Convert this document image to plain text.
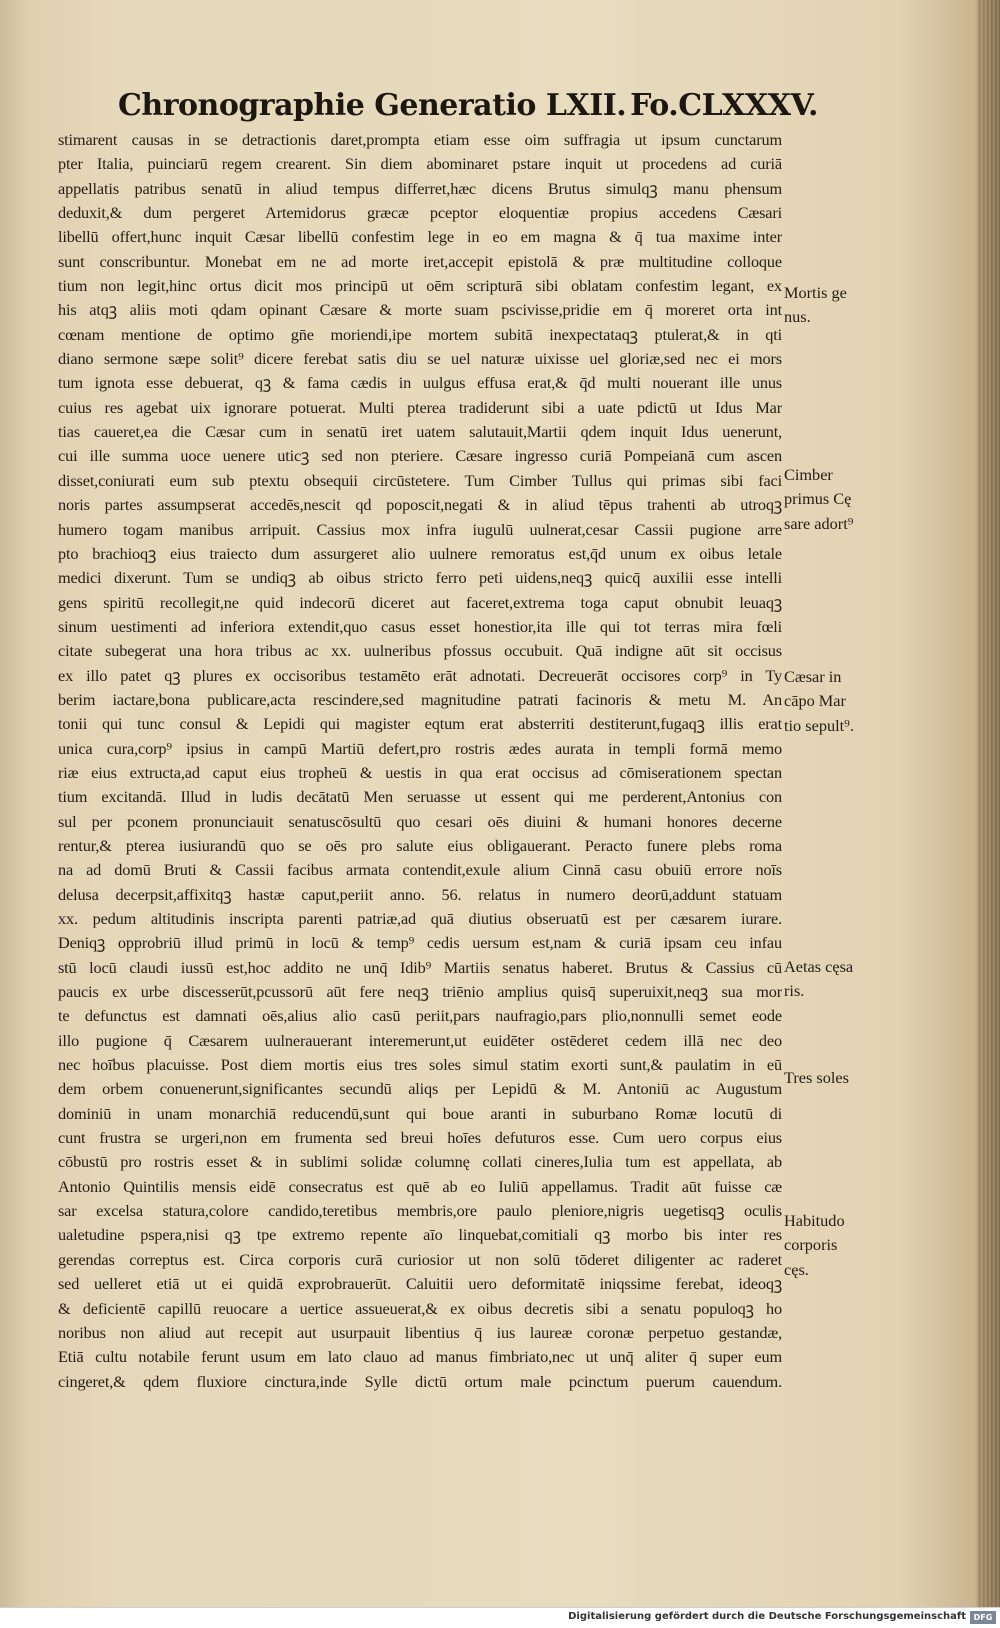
Chronographie Generatio LXII. Fo.CLXXXV.
stimarent causas in se detractionis daret,prompta etiam esse oim suffragia ut ipsum cunctarum
pter Italia, puinciarū regem crearent. Sin diem abominaret pstare inquit ut procedens ad curiā
appellatis patribus senatū in aliud tempus differret,hæc dicens Brutus simulqꝫ manu phensum
deduxit,& dum pergeret Artemidorus græcæ pceptor eloquentiæ propius accedens Cæsari
libellū offert,hunc inquit Cæsar libellū confestim lege in eo em magna & q̄ tua maxime inter
sunt conscribuntur. Monebat em ne ad morte iret,accepit epistolā & præ multitudine colloque
tium non legit,hinc ortus dicit mos principū ut oēm scripturā sibi oblatam confestim legant, ex
his atqꝫ aliis moti qdam opinant Cæsare & morte suam pscivisse,pridie em q̄ moreret orta int
cœnam mentione de optimo gn̄e moriendi,ipe mortem subitā inexpectataqꝫ ptulerat,& in qti
diano sermone sæpe solit⁹ dicere ferebat satis diu se uel naturæ uixisse uel gloriæ,sed nec ei mors
tum ignota esse debuerat, qꝫ & fama cædis in uulgus effusa erat,& q̄d multi nouerant ille unus
cuius res agebat uix ignorare potuerat. Multi pterea tradiderunt sibi a uate pdictū ut Idus Mar
tias caueret,ea die Cæsar cum in senatū iret uatem salutauit,Martii qdem inquit Idus uenerunt,
cui ille summa uoce uenere uticꝫ sed non pteriere. Cæsare ingresso curiā Pompeianā cum ascen
disset,coniurati eum sub ptextu obsequii circūstetere. Tum Cimber Tullus qui primas sibi faci
noris partes assumpserat accedēs,nescit qd poposcit,negati & in aliud tēpus trahenti ab utroqꝫ
humero togam manibus arripuit. Cassius mox infra iugulū uulnerat,cesar Cassii pugione arre
pto brachioqꝫ eius traiecto dum assurgeret alio uulnere remoratus est,q̄d unum ex oibus letale
medici dixerunt. Tum se undiqꝫ ab oibus stricto ferro peti uidens,neqꝫ quicq̄ auxilii esse intelli
gens spiritū recollegit,ne quid indecorū diceret aut faceret,extrema toga caput obnubit leuaqꝫ
sinum uestimenti ad inferiora extendit,quo casus esset honestior,ita ille qui tot terras mira fœli
citate subegerat una hora tribus ac xx. uulneribus pfossus occubuit. Quā indigne aūt sit occisus
ex illo patet qꝫ plures ex occisoribus testamēto erāt adnotati. Decreuerāt occisores corp⁹ in Ty
berim iactare,bona publicare,acta rescindere,sed magnitudine patrati facinoris & metu M. An
tonii qui tunc consul & Lepidi qui magister eqtum erat absterriti destiterunt,fugaqꝫ illis erat
unica cura,corp⁹ ipsius in campū Martiū defert,pro rostris ædes aurata in templi formā memo
riæ eius extructa,ad caput eius tropheū & uestis in qua erat occisus ad cōmiserationem spectan
tium excitandā. Illud in ludis decātatū Men seruasse ut essent qui me perderent,Antonius con
sul per pconem pronunciauit senatuscōsultū quo cesari oēs diuini & humani honores decerne
rentur,& pterea iusiurandū quo se oēs pro salute eius obligauerant. Peracto funere plebs roma
na ad domū Bruti & Cassii facibus armata contendit,exule alium Cinnā casu obuiū errore noīs
delusa decerpsit,affixitqꝫ hastæ caput,periit anno. 56. relatus in numero deorū,addunt statuam
xx. pedum altitudinis inscripta parenti patriæ,ad quā diutius obseruatū est per cæsarem iurare.
Deniqꝫ opprobriū illud primū in locū & temp⁹ cedis uersum est,nam & curiā ipsam ceu infau
stū locū claudi iussū est,hoc addito ne unq̄ Idib⁹ Martiis senatus haberet. Brutus & Cassius cū
paucis ex urbe discesserūt,pcussorū aūt fere neqꝫ triēnio amplius quisq̄ superuixit,neqꝫ sua mor
te defunctus est damnati oēs,alius alio casū periit,pars naufragio,pars plio,nonnulli semet eode
illo pugione q̄ Cæsarem uulnerauerant interemerunt,ut euidēter ostēderet cedem illā nec deo
nec hoībus placuisse. Post diem mortis eius tres soles simul statim exorti sunt,& paulatim in eū
dem orbem conuenerunt,significantes secundū aliqs per Lepidū & M. Antoniū ac Augustum
dominiū in unam monarchiā reducendū,sunt qui boue aranti in suburbano Romæ locutū di
cunt frustra se urgeri,non em frumenta sed breui hoīes defuturos esse. Cum uero corpus eius
cōbustū pro rostris esset & in sublimi solidæ columnę collati cineres,Iulia tum est appellata, ab
Antonio Quintilis mensis eidē consecratus est quē ab eo Iuliū appellamus. Tradit aūt fuisse cæ
sar excelsa statura,colore candido,teretibus membris,ore paulo pleniore,nigris uegetisqꝫ oculis
ualetudine psperа,nisi qꝫ tpe extremo repente aīo linquebat,comitiali qꝫ morbo bis inter res
gerendas correptus est. Circa corporis curā curiosior ut non solū tōderet diligenter ac raderet
sed uelleret etiā ut ei quidā exprobrauerūt. Caluitii uero deformitatē iniqssime ferebat, ideoqꝫ
& deficientē capillū reuocare a uertice assueuerat,& ex oibus decretis sibi a senatu populoqꝫ ho
noribus non aliud aut recepit aut usurpauit libentius q̄ ius laureæ coronæ perpetuo gestandæ,
Etiā cultu notabile ferunt usum em lato clauo ad manus fimbriato,nec ut unq̄ aliter q̄ super eum
cingeret,& qdem fluxiore cinctura,inde Sylle dictū ortum male pcinctum puerum cauendum.
Mortis ge
nus.
Cimber
primus Cę
sare adort⁹
Cæsar in
cāpo Mar
tio sepult⁹.
Aetas cęsa
ris.
Tres soles
Habitudo
corporis
cęs.
Digitalisierung gefördert durch die Deutsche Forschungsgemeinschaft DFG
